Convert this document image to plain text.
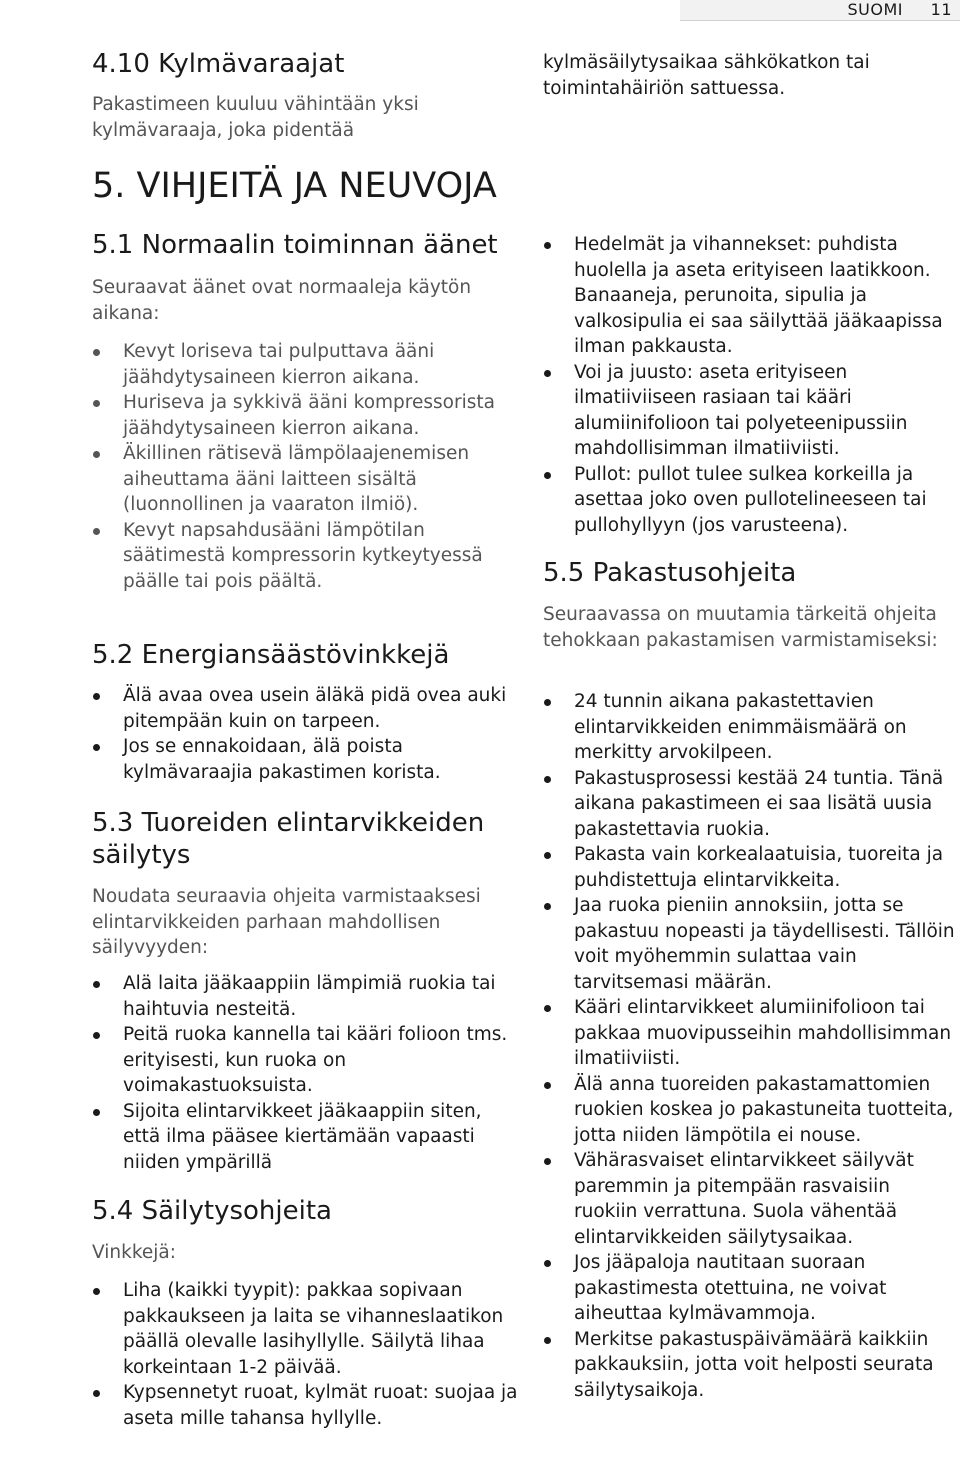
SUOMI 11
4.10 Kylmävaraajat

Pakastimeen kuuluu vähintään yksi kylmävaraaja, joka pidentää

5. VIHJEITÄ JA NEUVOJA
5.1 Normaalin toiminnan äänet

Seuraavat äänet ovat normaaleja käytön aikana:

Kevyt loriseva tai pulputtava ääni jäähdytysaineen kierron aikana.
Huriseva ja sykkivä ääni kompressorista jäähdytysaineen kierron aikana.
Äkillinen rätisevä lämpölaajenemisen aiheuttama ääni laitteen sisältä (luonnollinen ja vaaraton ilmiö).
Kevyt napsahdusääni lämpötilan säätimestä kompressorin kytkeytyessä päälle tai pois päältä.
5.2 Energiansäästövinkkejä
Älä avaa ovea usein äläkä pidä ovea auki pitempään kuin on tarpeen.
Jos se ennakoidaan, älä poista kylmävaraajia pakastimen korista.
5.3 Tuoreiden elintarvikkeiden säilytys

Noudata seuraavia ohjeita varmistaaksesi elintarvikkeiden parhaan mahdollisen säilyvyyden:

Alä laita jääkaappiin lämpimiä ruokia tai haihtuvia nesteitä.
Peitä ruoka kannella tai kääri folioon tms. erityisesti, kun ruoka on voimakastuoksuista.
Sijoita elintarvikkeet jääkaappiin siten, että ilma pääsee kiertämään vapaasti niiden ympärillä
5.4 Säilytysohjeita

Vinkkejä:

Liha (kaikki tyypit): pakkaa sopivaan pakkaukseen ja laita se vihanneslaatikon päällä olevalle lasihyllylle. Säilytä lihaa korkeintaan 1-2 päivää.
Kypsennetyt ruoat, kylmät ruoat: suojaa ja aseta mille tahansa hyllylle.

kylmäsäilytysaikaa sähkökatkon tai toimintahäiriön sattuessa.

Hedelmät ja vihannekset: puhdista huolella ja aseta erityiseen laatikkoon. Banaaneja, perunoita, sipulia ja valkosipulia ei saa säilyttää jääkaapissa ilman pakkausta.
Voi ja juusto: aseta erityiseen ilmatiiviiseen rasiaan tai kääri alumiinifolioon tai polyeteenipussiin mahdollisimman ilmatiiviisti.
Pullot: pullot tulee sulkea korkeilla ja asettaa joko oven pullotelineeseen tai pullohyllyyn (jos varusteena).
5.5 Pakastusohjeita

Seuraavassa on muutamia tärkeitä ohjeita tehokkaan pakastamisen varmistamiseksi:

24 tunnin aikana pakastettavien elintarvikkeiden enimmäismäärä on merkitty arvokilpeen.
Pakastusprosessi kestää 24 tuntia. Tänä aikana pakastimeen ei saa lisätä uusia pakastettavia ruokia.
Pakasta vain korkealaatuisia, tuoreita ja puhdistettuja elintarvikkeita.
Jaa ruoka pieniin annoksiin, jotta se pakastuu nopeasti ja täydellisesti. Tällöin voit myöhemmin sulattaa vain tarvitsemasi määrän.
Kääri elintarvikkeet alumiinifolioon tai pakkaa muovipusseihin mahdollisimman ilmatiiviisti.
Älä anna tuoreiden pakastamattomien ruokien koskea jo pakastuneita tuotteita, jotta niiden lämpötila ei nouse.
Vähärasvaiset elintarvikkeet säilyvät paremmin ja pitempään rasvaisiin ruokiin verrattuna. Suola vähentää elintarvikkeiden säilytysaikaa.
Jos jääpaloja nautitaan suoraan pakastimesta otettuina, ne voivat aiheuttaa kylmävammoja.
Merkitse pakastuspäivämäärä kaikkiin pakkauksiin, jotta voit helposti seurata säilytysaikoja.
